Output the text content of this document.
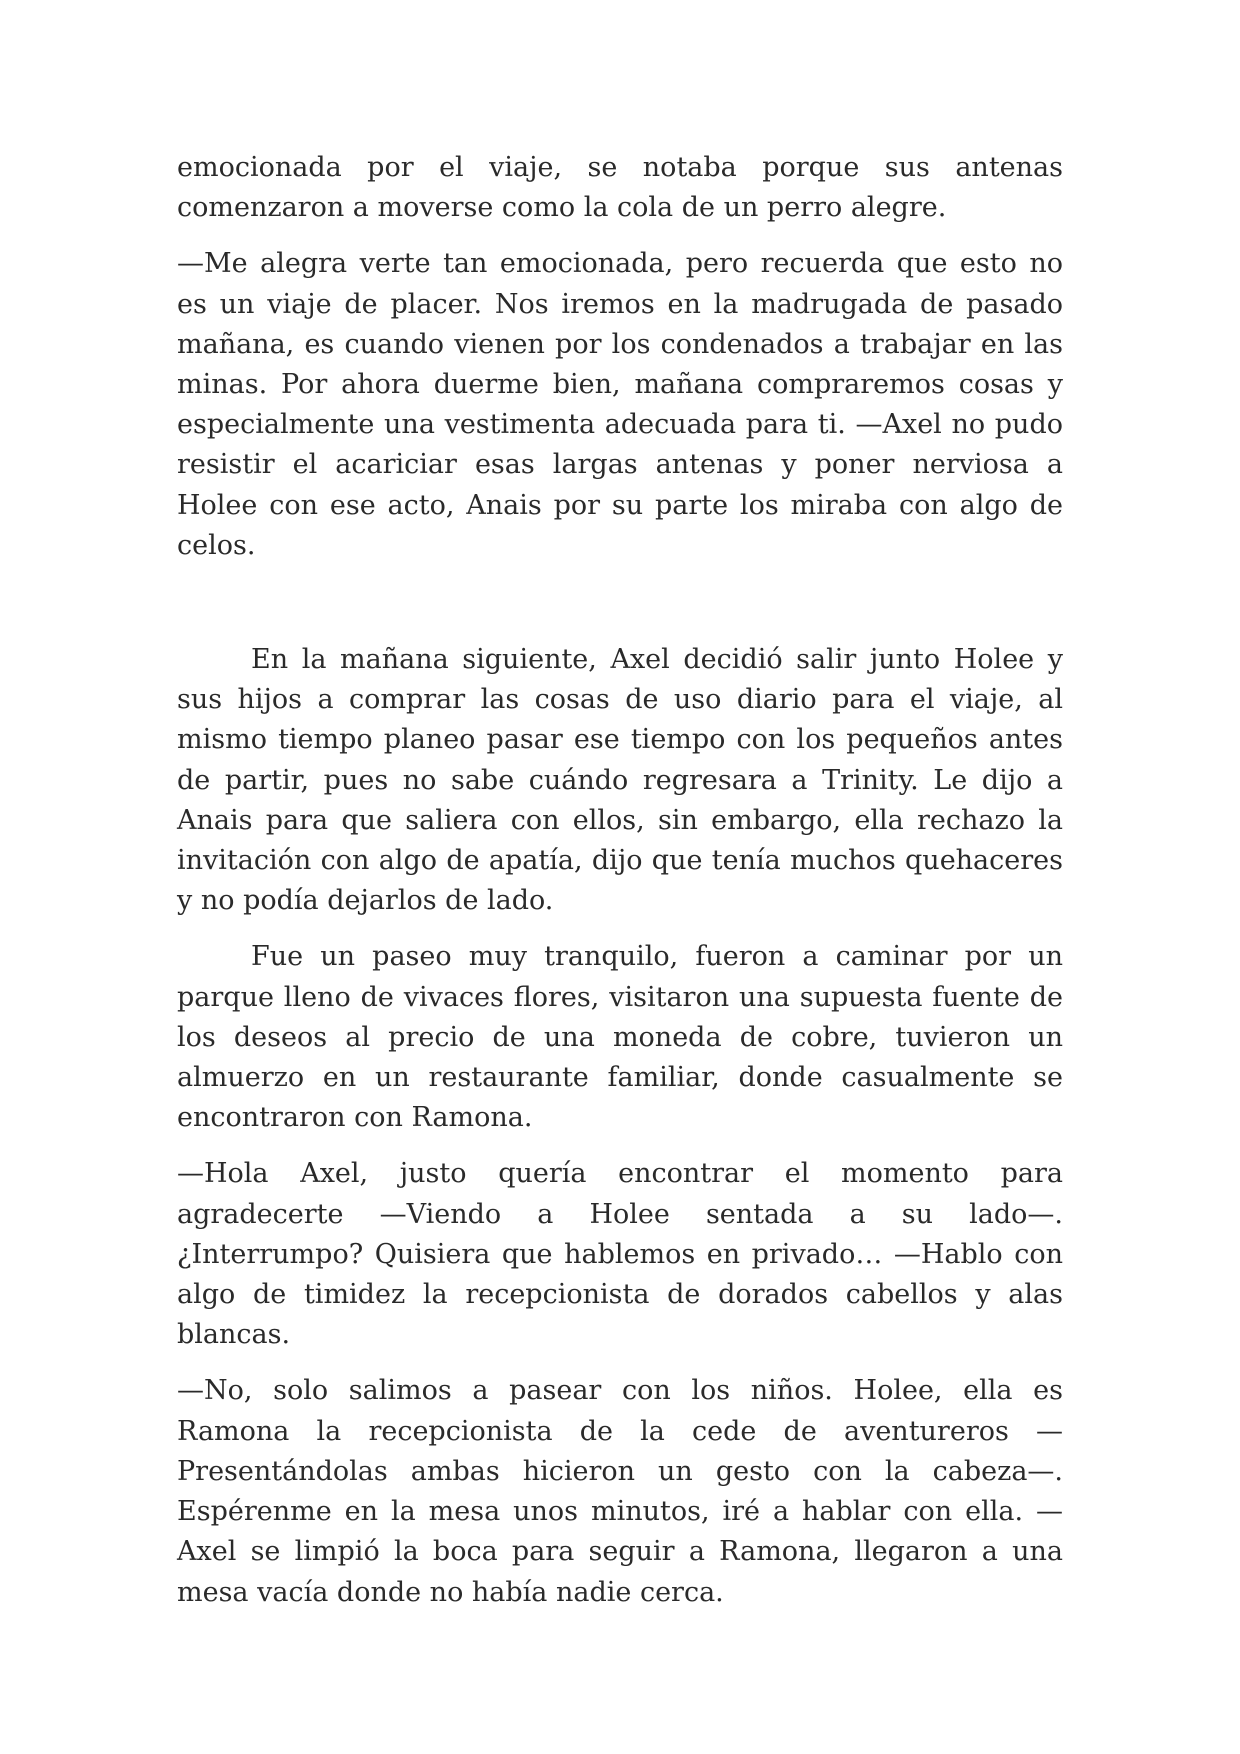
emocionada por el viaje, se notaba porque sus antenas comenzaron a moverse como la cola de un perro alegre.

—Me alegra verte tan emocionada, pero recuerda que esto no es un viaje de placer. Nos iremos en la madrugada de pasado mañana, es cuando vienen por los condenados a trabajar en las minas. Por ahora duerme bien, mañana compraremos cosas y especialmente una vestimenta adecuada para ti. —Axel no pudo resistir el acariciar esas largas antenas y poner nerviosa a Holee con ese acto, Anais por su parte los miraba con algo de celos.

En la mañana siguiente, Axel decidió salir junto Holee y sus hijos a comprar las cosas de uso diario para el viaje, al mismo tiempo planeo pasar ese tiempo con los pequeños antes de partir, pues no sabe cuándo regresara a Trinity. Le dijo a Anais para que saliera con ellos, sin embargo, ella rechazo la invitación con algo de apatía, dijo que tenía muchos quehaceres y no podía dejarlos de lado.

Fue un paseo muy tranquilo, fueron a caminar por un parque lleno de vivaces flores, visitaron una supuesta fuente de los deseos al precio de una moneda de cobre, tuvieron un almuerzo en un restaurante familiar, donde casualmente se encontraron con Ramona.

—Hola Axel, justo quería encontrar el momento para agradecerte —Viendo a Holee sentada a su lado—. ¿Interrumpo? Quisiera que hablemos en privado… —Hablo con algo de timidez la recepcionista de dorados cabellos y alas blancas.

—No, solo salimos a pasear con los niños. Holee, ella es Ramona la recepcionista de la cede de aventureros —Presentándolas ambas hicieron un gesto con la cabeza—. Espérenme en la mesa unos minutos, iré a hablar con ella. —Axel se limpió la boca para seguir a Ramona, llegaron a una mesa vacía donde no había nadie cerca.
